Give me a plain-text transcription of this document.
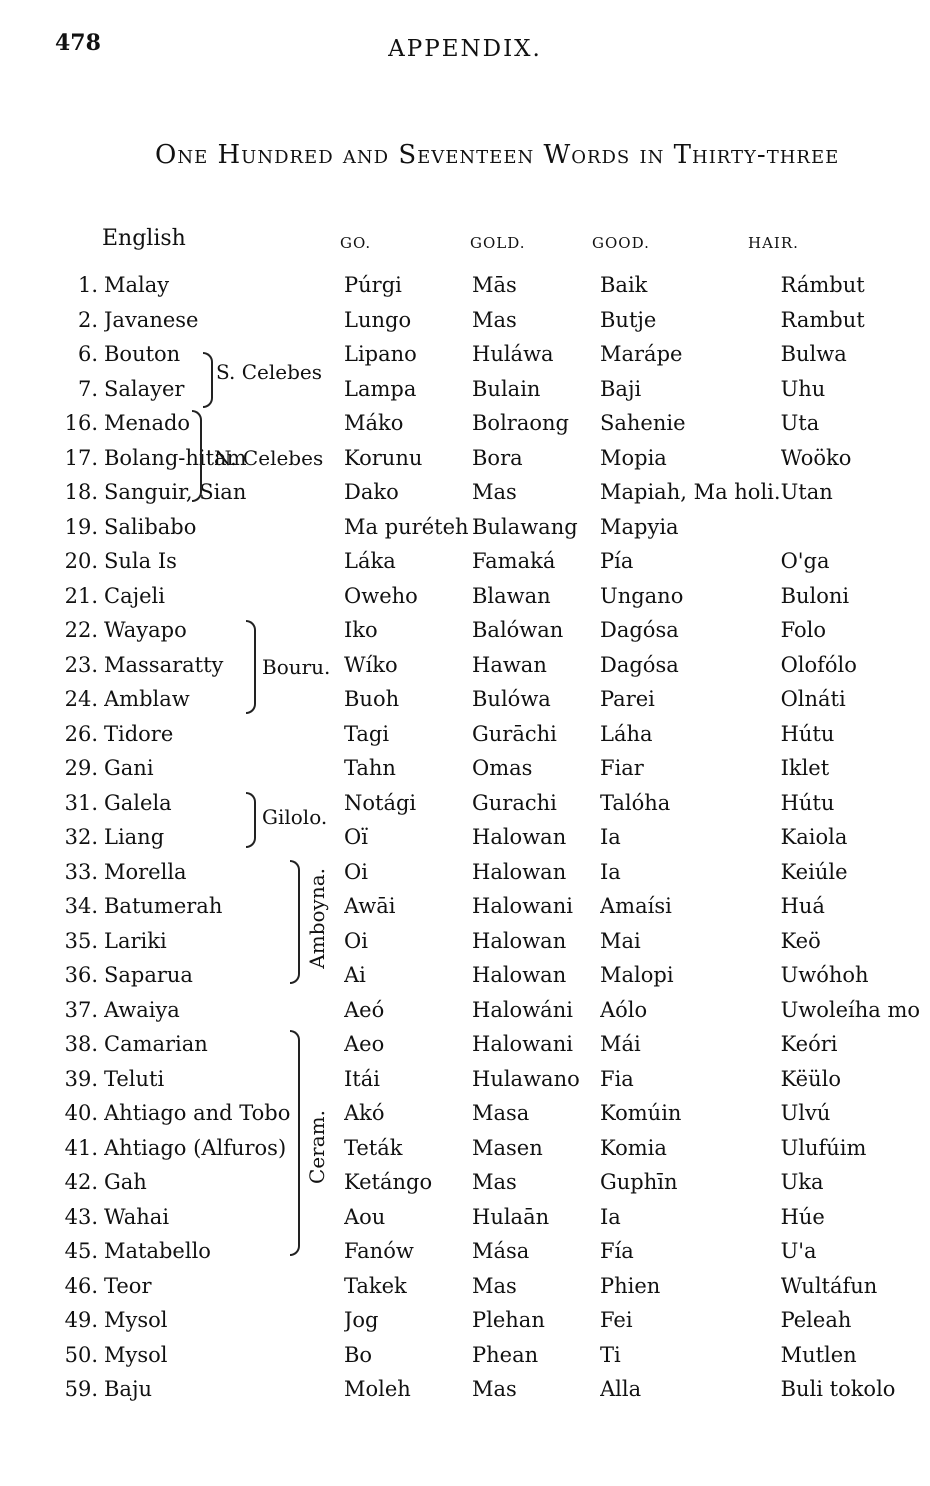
478	APPENDIX.
One Hundred and Seventeen Words in Thirty-three
English	GO.	GOLD.	GOOD.	HAIR.
1.	Malay	Púrgi	Mās	Baik	Rámbut
2.	Javanese	Lungo	Mas	Butje	Rambut
6.	Bouton	Lipano	Huláwa	Marápe	Bulwa
7.	Salayer	Lampa	Bulain	Baji	Uhu
16.	Menado	Máko	Bolraong	Sahenie	Uta
17.	Bolang-hitam	Korunu	Bora	Mopia	Woöko
18.	Sanguir, Sian	Dako	Mas	Mapiah, Ma holi.	Utan
19.	Salibabo	Ma puréteh	Bulawang	Mapyia	
20.	Sula Is	Láka	Famaká	Pía	O'ga
21.	Cajeli	Oweho	Blawan	Ungano	Buloni
22.	Wayapo	Iko	Balówan	Dagósa	Folo
23.	Massaratty	Wíko	Hawan	Dagósa	Olofólo
24.	Amblaw	Buoh	Bulówa	Parei	Olnáti
26.	Tidore	Tagi	Gurāchi	Láha	Hútu
29.	Gani	Tahn	Omas	Fiar	Iklet
31.	Galela	Notági	Gurachi	Talóha	Hútu
32.	Liang	Oï	Halowan	Ia	Kaiola
33.	Morella	Oi	Halowan	Ia	Keiúle
34.	Batumerah	Awāi	Halowani	Amaísi	Huá
35.	Lariki	Oi	Halowan	Mai	Keö
36.	Saparua	Ai	Halowan	Malopi	Uwóhoh
37.	Awaiya	Aeó	Halowáni	Aólo	Uwoleíha mo
38.	Camarian	Aeo	Halowani	Mái	Keóri
39.	Teluti	Itái	Hulawano	Fia	Këülo
40.	Ahtiago and Tobo	Akó	Masa	Komúin	Ulvú
41.	Ahtiago (Alfuros)	Teták	Masen	Komia	Ulufúim
42.	Gah	Ketángo	Mas	Guphīn	Uka
43.	Wahai	Aou	Hulaān	Ia	Húe
45.	Matabello	Fanów	Mása	Fía	U'a
46.	Teor	Takek	Mas	Phien	Wultáfun
49.	Mysol	Jog	Plehan	Fei	Peleah
50.	Mysol	Bo	Phean	Ti	Mutlen
59.	Baju	Moleh	Mas	Alla	Buli tokolo
S. Celebes
N. Celebes
Bouru.
Gilolo.
Amboyna.
Ceram.
